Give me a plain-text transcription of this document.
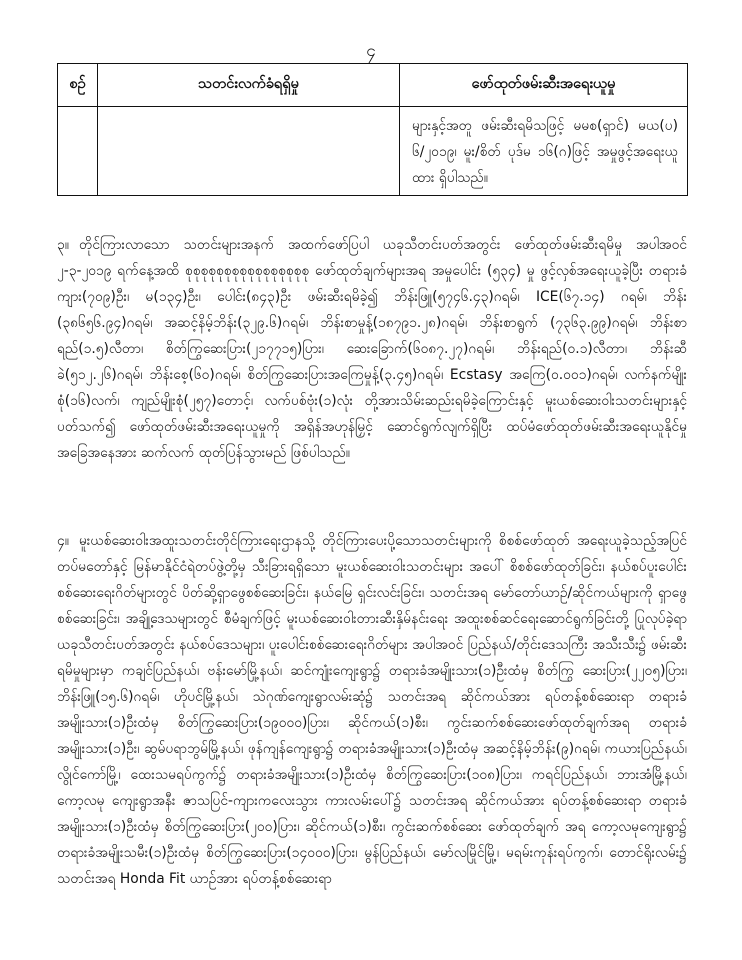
၄
စဉ်	သတင်းလက်ခံရရှိမှု	ဖော်ထုတ်ဖမ်းဆီးအရေးယူမှု

		များနှင့်အတူ ဖမ်းဆီးရမိသဖြင့် မမစ(ရှာင်) မယ(ပ) ၆/၂၀၁၉၊ မူး/စိတ် ပုဒ်မ ၁၆(ဂ)ဖြင့် အမှုဖွင့်အရေးယူထား ရှိပါသည်။

၃။ တိုင်ကြားလာသော သတင်းများအနက် အထက်ဖော်ပြပါ ယခုသီတင်းပတ်အတွင်း ဖော်ထုတ်ဖမ်းဆီးရမိမှု အပါအဝင် ၂-၃-၂၀၁၉ ရက်နေ့အထိ စုစုစုစုစုစုစုစုစုစုစုစုစုစုစုစု ဖော်ထုတ်ချက်များအရ အမှုပေါင်း (၅၃၄) မှု ဖွင့်လှစ်အရေးယူခဲ့ပြီး တရားခံကျား(၇၀၉)ဦး၊ မ(၁၃၄)ဦး၊ ပေါင်း(၈၄၃)ဦး ဖမ်းဆီးရမိခဲ့၍ ဘိန်းဖြူ(၅၇၄၆.၄၃)ဂရမ်၊ ICE(၆၇.၁၄) ဂရမ်၊ ဘိန်း (၃၈၆၅၆.၉၄)ဂရမ်၊ အဆင့်နိမ့်ဘိန်း(၃၂၉.၆)ဂရမ်၊ ဘိန်းစာမှုန့်(၁၈၇၉၁.၂၈)ဂရမ်၊ ဘိန်းစာရွက် (၇၃၆၃.၉၉)ဂရမ်၊ ဘိန်းစာရည်(၁.၅)လီတာ၊ စိတ်ကြွဆေးပြား(၂၁၇၇၁၅)ပြား၊ ဆေးခြောက်(၆၀၈၇.၂၇)ဂရမ်၊ ဘိန်းရည်(၀.၁)လီတာ၊ ဘိန်းဆီခဲ(၅၁၂.၂၆)ဂရမ်၊ ဘိန်းစေ့(၆၀)ဂရမ်၊ စိတ်ကြွဆေးပြားအကြေမှုန့်(၃.၄၅)ဂရမ်၊ Ecstasy အကြေ(၀.၀၀၁)ဂရမ်၊ လက်နက်မျိုးစုံ(၁၆)လက်၊ ကျည်မျိုးစုံ(၂၅၇)တောင့်၊ လက်ပစ်ဗုံး(၁)လုံး တို့အားသိမ်းဆည်းရမိခဲ့ကြောင်းနှင့် မူးယစ်ဆေးဝါးသတင်းများနှင့်ပတ်သက်၍ ဖော်ထုတ်ဖမ်းဆီးအရေးယူမှုကို အရှိန်အဟုန်မြှင့် ဆောင်ရွက်လျက်ရှိပြီး ထပ်မံဖော်ထုတ်ဖမ်းဆီးအရေးယူနိုင်မှု အခြေအနေအား ဆက်လက် ထုတ်ပြန်သွားမည် ဖြစ်ပါသည်။

၄။ မူးယစ်ဆေးဝါးအထူးသတင်းတိုင်ကြားရေးဌာနသို့ တိုင်ကြားပေးပို့သောသတင်းများကို စိစစ်ဖော်ထုတ် အရေးယူခဲ့သည့်အပြင် တပ်မတော်နှင့် မြန်မာနိုင်ငံရဲတပ်ဖွဲ့တို့မှ သီးခြားရရှိသော မူးယစ်ဆေးဝါးသတင်းများ အပေါ် စိစစ်ဖော်ထုတ်ခြင်း၊ နယ်စပ်ပူးပေါင်းစစ်ဆေးရေးဂိတ်များတွင် ပိတ်ဆို့ရှာဖွေစစ်ဆေးခြင်း၊ နယ်မြေ ရှင်းလင်းခြင်း၊ သတင်းအရ မော်တော်ယာဉ်/ဆိုင်ကယ်များကို ရှာဖွေစစ်ဆေးခြင်း၊ အချို့ဒေသများတွင် စီမံချက်ဖြင့် မူးယစ်ဆေးဝါးတားဆီးနှိမ်နင်းရေး အထူးစစ်ဆင်ရေးဆောင်ရွက်ခြင်းတို့ ပြုလုပ်ခဲ့ရာ ယခုသီတင်းပတ်အတွင်း နယ်စပ်ဒေသများ၊ ပူးပေါင်းစစ်ဆေးရေးဂိတ်များ အပါအဝင် ပြည်နယ်/တိုင်းဒေသကြီး အသီးသီး၌ ဖမ်းဆီး ရမိမှုများမှာ ကချင်ပြည်နယ်၊ ဗန်းမော်မြို့နယ်၊ ဆင်ကျုံးကျေးရွာ၌ တရားခံအမျိုးသား(၁)ဦးထံမှ စိတ်ကြွ ဆေးပြား(၂၂၀၅)ပြား၊ ဘိန်းဖြူ(၁၅.၆)ဂရမ်၊ ဟိုပင်မြို့နယ်၊ သဲဂုဏ်ကျေးရွာလမ်းဆုံ၌ သတင်းအရ ဆိုင်ကယ်အား ရပ်တန့်စစ်ဆေးရာ တရားခံအမျိုးသား(၁)ဦးထံမှ စိတ်ကြွဆေးပြား(၁၉၀၀၀)ပြား၊ ဆိုင်ကယ်(၁)စီး၊ ကွင်းဆက်စစ်ဆေးဖော်ထုတ်ချက်အရ တရားခံအမျိုးသား(၁)ဦး၊ ဆွမ်ပရာဘွမ်မြို့နယ်၊ ဖုန်ကျန်ကျေးရွာ၌ တရားခံအမျိုးသား(၁)ဦးထံမှ အဆင့်နိမ့်ဘိန်း(၉)ဂရမ်၊ ကယားပြည်နယ်၊ လွိုင်ကော်မြို့၊ ထေးသမရပ်ကွက်၌ တရားခံအမျိုးသား(၁)ဦးထံမှ စိတ်ကြွဆေးပြား(၁၀၈)ပြား၊ ကရင်ပြည်နယ်၊ ဘားအံမြို့နယ်၊ ကော့လမု ကျေးရွာအနီး ဇာသပြင်-ကျားကလေးသွား ကားလမ်းပေါ်၌ သတင်းအရ ဆိုင်ကယ်အား ရပ်တန့်စစ်ဆေးရာ တရားခံအမျိုးသား(၁)ဦးထံမှ စိတ်ကြွဆေးပြား(၂၀၀)ပြား၊ ဆိုင်ကယ်(၁)စီး၊ ကွင်းဆက်စစ်ဆေး ဖော်ထုတ်ချက် အရ ကော့လမုကျေးရွာ၌ တရားခံအမျိုးသမီး(၁)ဦးထံမှ စိတ်ကြွဆေးပြား(၁၄၀၀၀)ပြား၊ မွန်ပြည်နယ်၊ မော်လမြိုင်မြို့၊ မရမ်းကုန်းရပ်ကွက်၊ တောင်ရိုးလမ်း၌ သတင်းအရ Honda Fit ယာဉ်အား ရပ်တန့်စစ်ဆေးရာ
